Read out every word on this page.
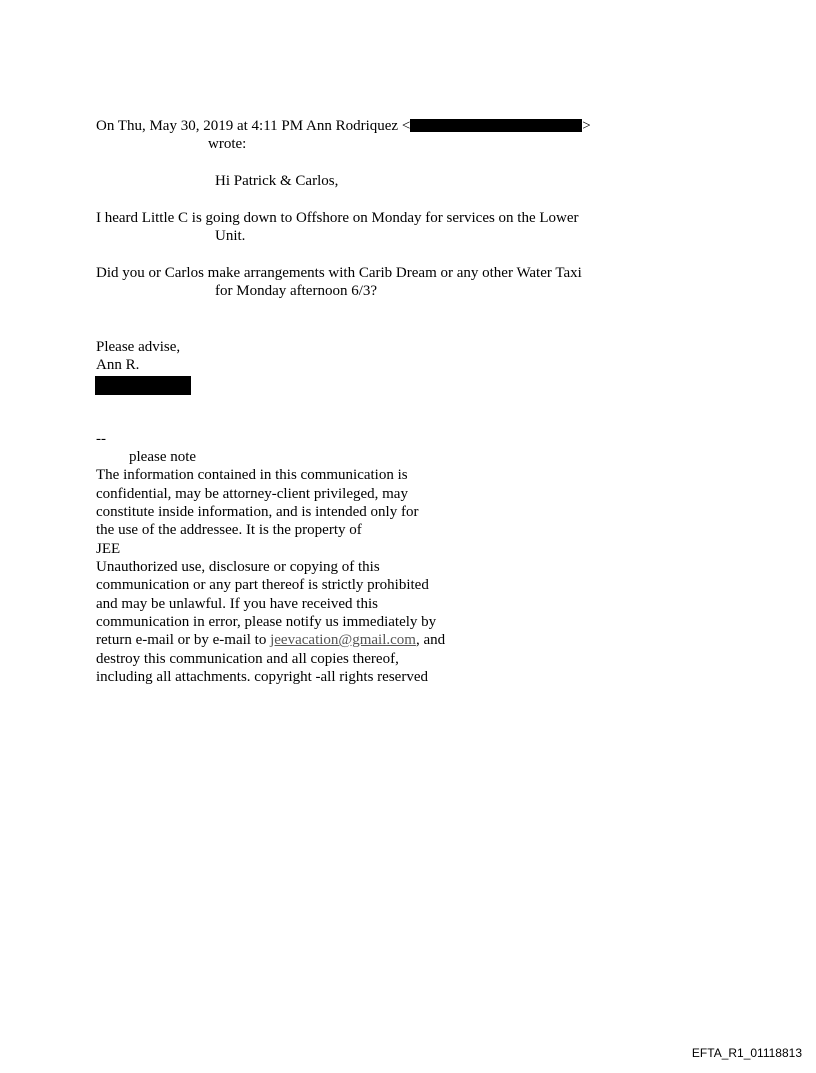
On Thu, May 30, 2019 at 4:11 PM Ann Rodriquez <	>
wrote:
Hi Patrick & Carlos,
I heard Little C is going down to Offshore on Monday for services on the Lower
Unit.
Did you or Carlos make arrangements with Carib Dream or any other Water Taxi
for Monday afternoon 6/3?
Please advise,
Ann R.
--
please note
The information contained in this communication is
confidential, may be attorney-client privileged, may
constitute inside information, and is intended only for
the use of the addressee. It is the property of
JEE
Unauthorized use, disclosure or copying of this
communication or any part thereof is strictly prohibited
and may be unlawful. If you have received this
communication in error, please notify us immediately by
return e-mail or by e-mail to jeevacation@gmail.com, and
destroy this communication and all copies thereof,
including all attachments. copyright -all rights reserved
EFTA_R1_01118813
